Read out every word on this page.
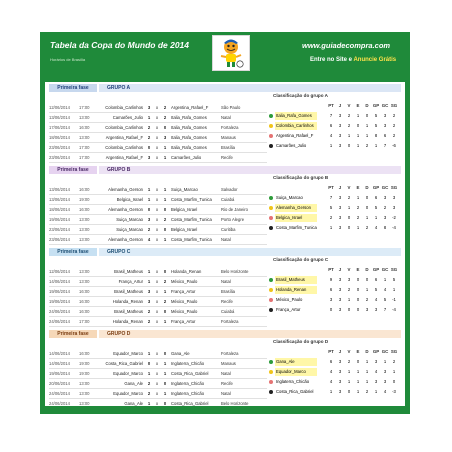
Tabela da Copa do Mundo de 2014
Horários de Brasília
www.guiadecompra.com
Entre no Site e Anuncie Grátis
Primeira fase	GRUPO A
12/06/2014	17:00	Colombia_Carlinhos	3	x	2	Argentina_Rafael_F	São Paulo
13/06/2014	13:00	Camarões_Julio	1	x	2	Italia_Rafa_Gomes	Natal
17/06/2014	16:00	Colombia_Carlinhos	2	x	0	Italia_Rafa_Gomes	Fortaleza
18/06/2014	13:00	Argentina_Rafael_F	2	x	3	Italia_Rafa_Gomes	Manaus
23/06/2014	17:00	Colombia_Carlinhos	0	x	1	Italia_Rafa_Gomes	Brasília
23/06/2014	17:00	Argentina_Rafael_F	3	x	1	Camarões_Julio	Recife
Classificação do grupo A
PT	J	V	E	D GP GC SG
Italia_Rafa_Gomes	7	3	2	1	0	5	3	2
Colombia_Carlinhos	6	3	2	0	1	5	3	2
Argentina_Rafael_F	4	3	1	1	1	8	6	2
Camarões_Julio	1	3	0	1	2	1	7	-6
Primeira fase	GRUPO B
13/06/2014	16:00	Alemanha_Gerson	1	x	1	Suiça_Marcao	Salvador
13/06/2014	19:00	Belgica_Israel	1	x	1	Costa_Marfim_Tunica	Cuiabá
18/06/2014	16:00	Alemanha_Gerson	0	x	0	Belgica_Israel	Rio de Janeiro
19/06/2014	13:00	Suiça_Marcao	3	x	2	Costa_Marfim_Tunica	Porto Alegre
23/06/2014	13:00	Suiça_Marcao	2	x	0	Belgica_Israel	Curitiba
23/06/2014	13:00	Alemanha_Gerson	4	x	1	Costa_Marfim_Tunica	Natal
Classificação do grupo B
PT	J	V	E	D GP GC SG
Suiça_Marcao	7	3	2	1	0	6	3	3
Alemanha_Gerson	5	3	1	2	0	5	2	3
Belgica_Israel	2	3	0	2	1	1	3	-2
Costa_Marfim_Tunica	1	3	0	1	2	4	8	-4
Primeira fase	GRUPO C
12/06/2014	13:00	Brasil_Matheus	1	x	0	Holanda_Renan	Belo Horizonte
14/06/2014	13:00	França_Artur	1	x	2	México_Paulo	Natal
19/06/2014	16:00	Brasil_Matheus	3	x	1	França_Artur	Brasília
19/06/2014	16:00	Holanda_Renan	3	x	2	México_Paulo	Recife
24/06/2014	16:00	Brasil_Matheus	2	x	0	México_Paulo	Cuiabá
24/06/2014	17:00	Holanda_Renan	2	x	1	França_Artur	Fortaleza
Classificação do grupo C
PT	J	V	E	D GP GC SG
Brasil_Matheus	9	3	3	0	0	6	1	5
Holanda_Renan	6	3	2	0	1	5	4	1
México_Paulo	3	3	1	0	2	4	5	-1
França_Artur	0	3	0	0	3	3	7	-4
Primeira fase	GRUPO D
14/06/2014	16:00	Equador_Marco	1	x	0	Gana_Ale	Fortaleza
14/06/2014	19:00	Costa_Rica_Gabriel	0	x	1	Inglaterra_Chicão	Manaus
19/06/2014	19:00	Equador_Marco	1	x	1	Costa_Rica_Gabriel	Natal
20/06/2014	13:00	Gana_Ale	2	x	0	Inglaterra_Chicão	Recife
24/06/2014	13:00	Equador_Marco	2	x	1	Inglaterra_Chicão	Natal
24/06/2014	13:00	Gana_Ale	1	x	0	Costa_Rica_Gabriel	Belo Horizonte
Classificação do grupo D
PT	J	V	E	D GP GC SG
Gana_Ale	6	3	2	0	1	3	1	2
Equador_Marco	4	3	1	1	1	4	3	1
Inglaterra_Chicão	4	3	1	1	1	3	3	0
Costa_Rica_Gabriel	1	3	0	1	2	1	4	-3
